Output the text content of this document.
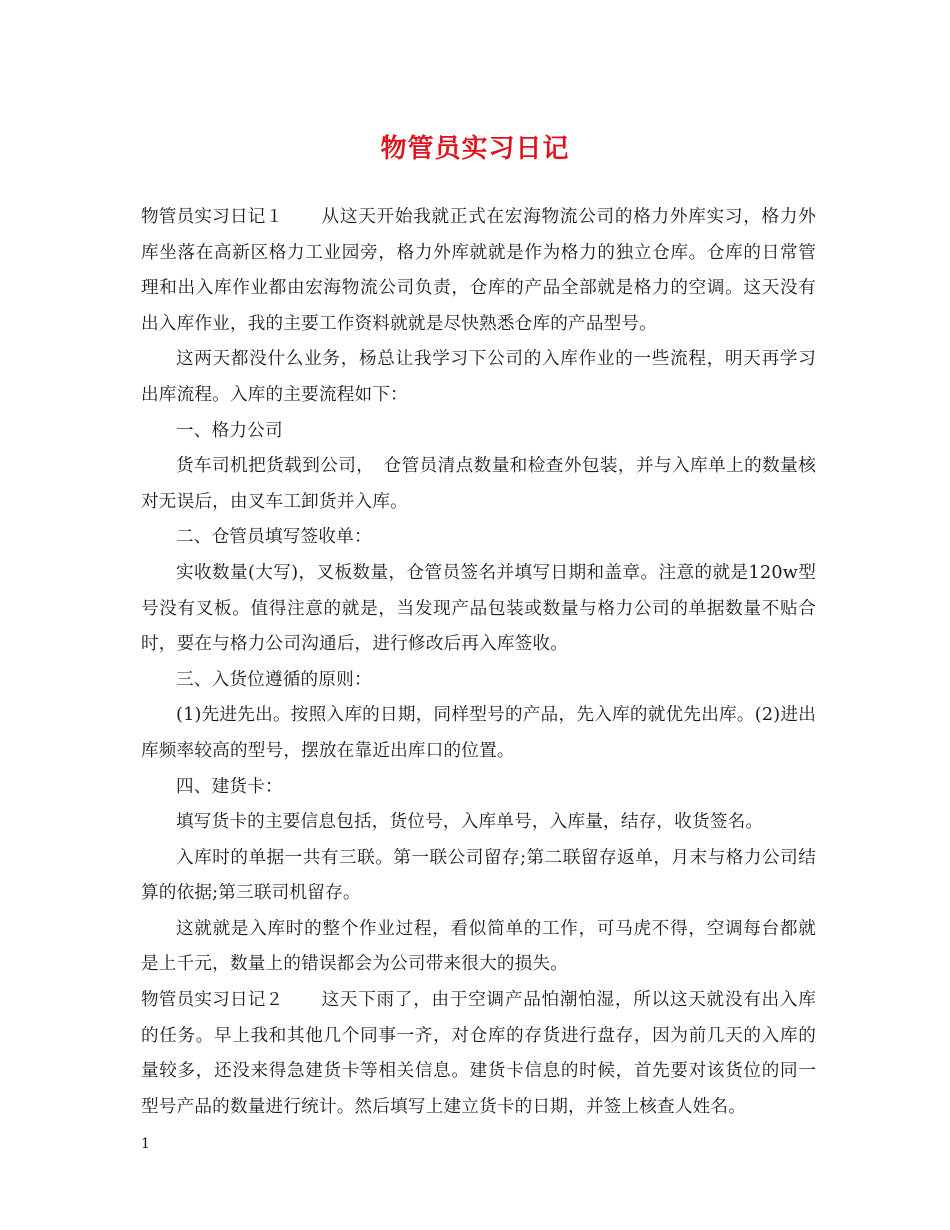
物管员实习日记

物管员实习日记１ 从这天开始我就正式在宏海物流公司的格力外库实习，格力外库坐落在高新区格力工业园旁，格力外库就就是作为格力的独立仓库。仓库的日常管理和出入库作业都由宏海物流公司负责，仓库的产品全部就是格力的空调。这天没有出入库作业，我的主要工作资料就就是尽快熟悉仓库的产品型号。

这两天都没什么业务，杨总让我学习下公司的入库作业的一些流程，明天再学习出库流程。入库的主要流程如下：

一、格力公司

货车司机把货载到公司，　仓管员清点数量和检查外包装，并与入库单上的数量核对无误后，由叉车工卸货并入库。

二、仓管员填写签收单：

实收数量(大写)，叉板数量，仓管员签名并填写日期和盖章。注意的就是120w型号没有叉板。值得注意的就是，当发现产品包装或数量与格力公司的单据数量不贴合时，要在与格力公司沟通后，进行修改后再入库签收。

三、入货位遵循的原则：

(1)先进先出。按照入库的日期，同样型号的产品，先入库的就优先出库。(2)进出库频率较高的型号，摆放在靠近出库口的位置。

四、建货卡：

填写货卡的主要信息包括，货位号，入库单号，入库量，结存，收货签名。

入库时的单据一共有三联。第一联公司留存;第二联留存返单，月末与格力公司结算的依据;第三联司机留存。

这就就是入库时的整个作业过程，看似简单的工作，可马虎不得，空调每台都就是上千元，数量上的错误都会为公司带来很大的损失。

物管员实习日记２ 这天下雨了，由于空调产品怕潮怕湿，所以这天就没有出入库的任务。早上我和其他几个同事一齐，对仓库的存货进行盘存，因为前几天的入库的量较多，还没来得急建货卡等相关信息。建货卡信息的时候，首先要对该货位的同一型号产品的数量进行统计。然后填写上建立货卡的日期，并签上核查人姓名。

1
